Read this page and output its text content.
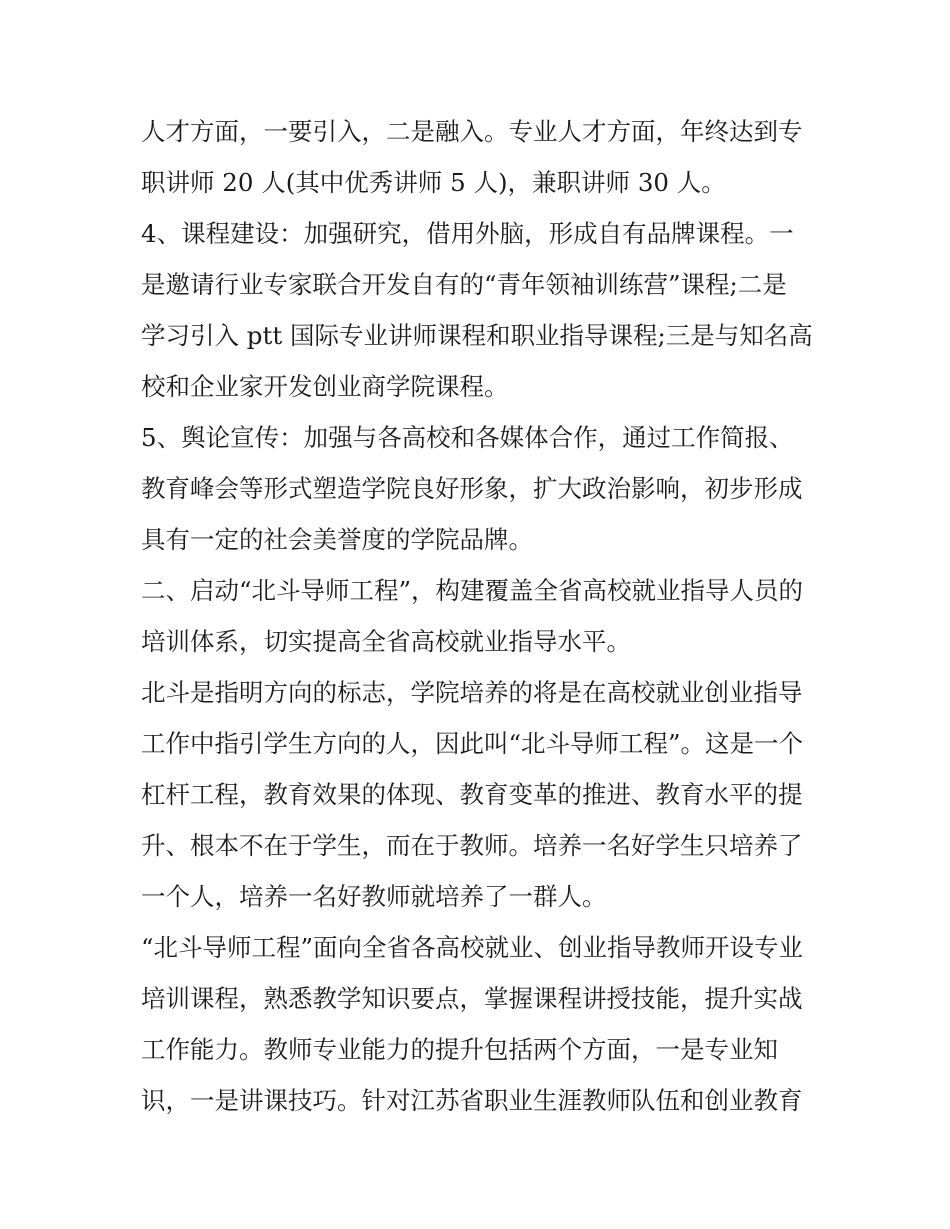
人才方面，一要引入，二是融入。专业人才方面，年终达到专
职讲师 20 人(其中优秀讲师 5 人)，兼职讲师 30 人。
4、课程建设：加强研究，借用外脑，形成自有品牌课程。一
是邀请行业专家联合开发自有的“青年领袖训练营”课程;二是
学习引入 ptt 国际专业讲师课程和职业指导课程;三是与知名高
校和企业家开发创业商学院课程。
5、舆论宣传：加强与各高校和各媒体合作，通过工作简报、
教育峰会等形式塑造学院良好形象，扩大政治影响，初步形成
具有一定的社会美誉度的学院品牌。
二、启动“北斗导师工程”，构建覆盖全省高校就业指导人员的
培训体系，切实提高全省高校就业指导水平。
北斗是指明方向的标志，学院培养的将是在高校就业创业指导
工作中指引学生方向的人，因此叫“北斗导师工程”。这是一个
杠杆工程，教育效果的体现、教育变革的推进、教育水平的提
升、根本不在于学生，而在于教师。培养一名好学生只培养了
一个人，培养一名好教师就培养了一群人。
“北斗导师工程”面向全省各高校就业、创业指导教师开设专业
培训课程，熟悉教学知识要点，掌握课程讲授技能，提升实战
工作能力。教师专业能力的提升包括两个方面，一是专业知
识，一是讲课技巧。针对江苏省职业生涯教师队伍和创业教育
